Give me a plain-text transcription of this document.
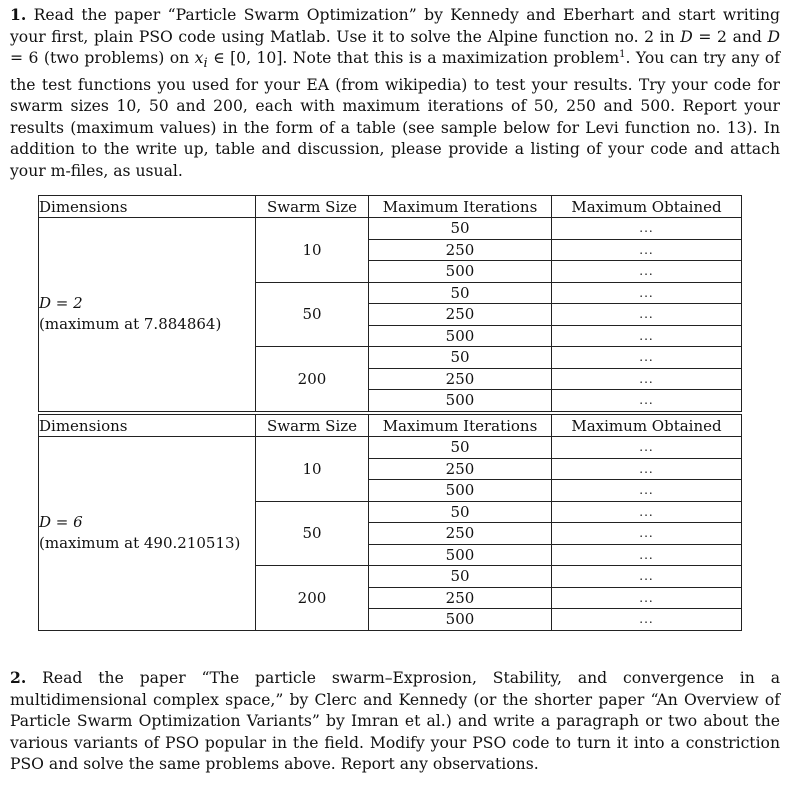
1. Read the paper “Particle Swarm Optimization” by Kennedy and Eberhart and start writing your first, plain PSO code using Matlab. Use it to solve the Alpine function no. 2 in D = 2 and D = 6 (two problems) on $x_i$ ∈ [0, 10]. Note that this is a maximization problem$^1$. You can try any of the test functions you used for your EA (from wikipedia) to test your results. Try your code for swarm sizes 10, 50 and 200, each with maximum iterations of 50, 250 and 500. Report your results (maximum values) in the form of a table (see sample below for Levi function no. 13). In addition to the write up, table and discussion, please provide a listing of your code and attach your m-files, as usual.

Dimensions	Swarm Size	Maximum Iterations	Maximum Obtained

D = 2
(maximum at 7.884864)	10	50	...
		250	...
		500	...
	50	50	...
		250	...
		500	...
	200	50	...
		250	...
		500	...
Dimensions	Swarm Size	Maximum Iterations	Maximum Obtained

D = 6
(maximum at 490.210513)	10	50	...
		250	...
		500	...
	50	50	...
		250	...
		500	...
	200	50	...
		250	...
		500	...

2. Read the paper “The particle swarm–Exprosion, Stability, and convergence in a multidimensional complex space,” by Clerc and Kennedy (or the shorter paper “An Overview of Particle Swarm Optimization Variants” by Imran et al.) and write a paragraph or two about the various variants of PSO popular in the field. Modify your PSO code to turn it into a constriction PSO and solve the same problems above. Report any observations.
